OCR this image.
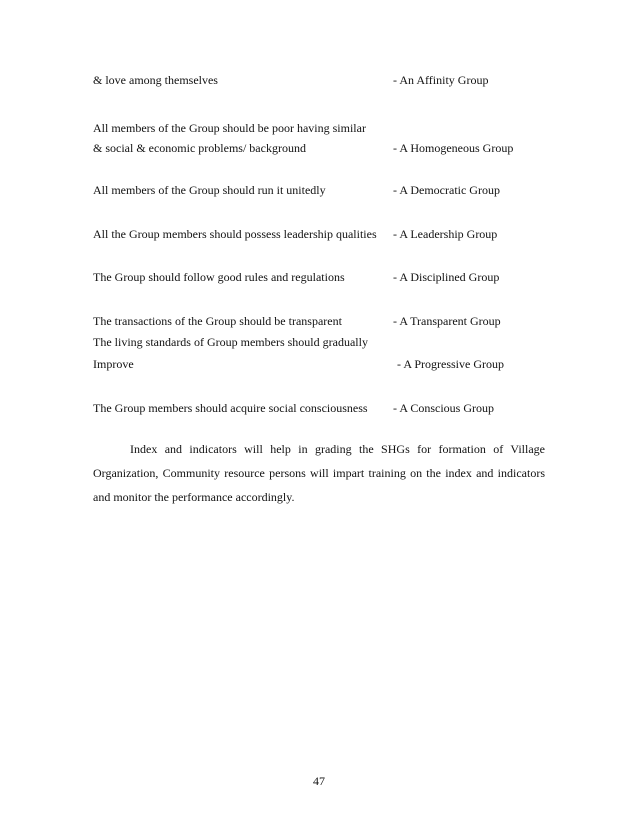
& love among themselves	- An Affinity Group
All members of the Group should be poor having similar
& social & economic problems/ background	- A Homogeneous Group
All members of the Group should run it unitedly	- A Democratic Group
All the Group members should possess leadership qualities - A Leadership Group
The Group should follow good rules and regulations	- A Disciplined Group
The transactions of the Group should be transparent	- A Transparent Group
The living standards of Group members should gradually
Improve	- A Progressive Group
The Group members should acquire social consciousness - A Conscious Group

Index and indicators will help in grading the SHGs for formation of Village Organization, Community resource persons will impart training on the index and indicators and monitor the performance accordingly.

47
